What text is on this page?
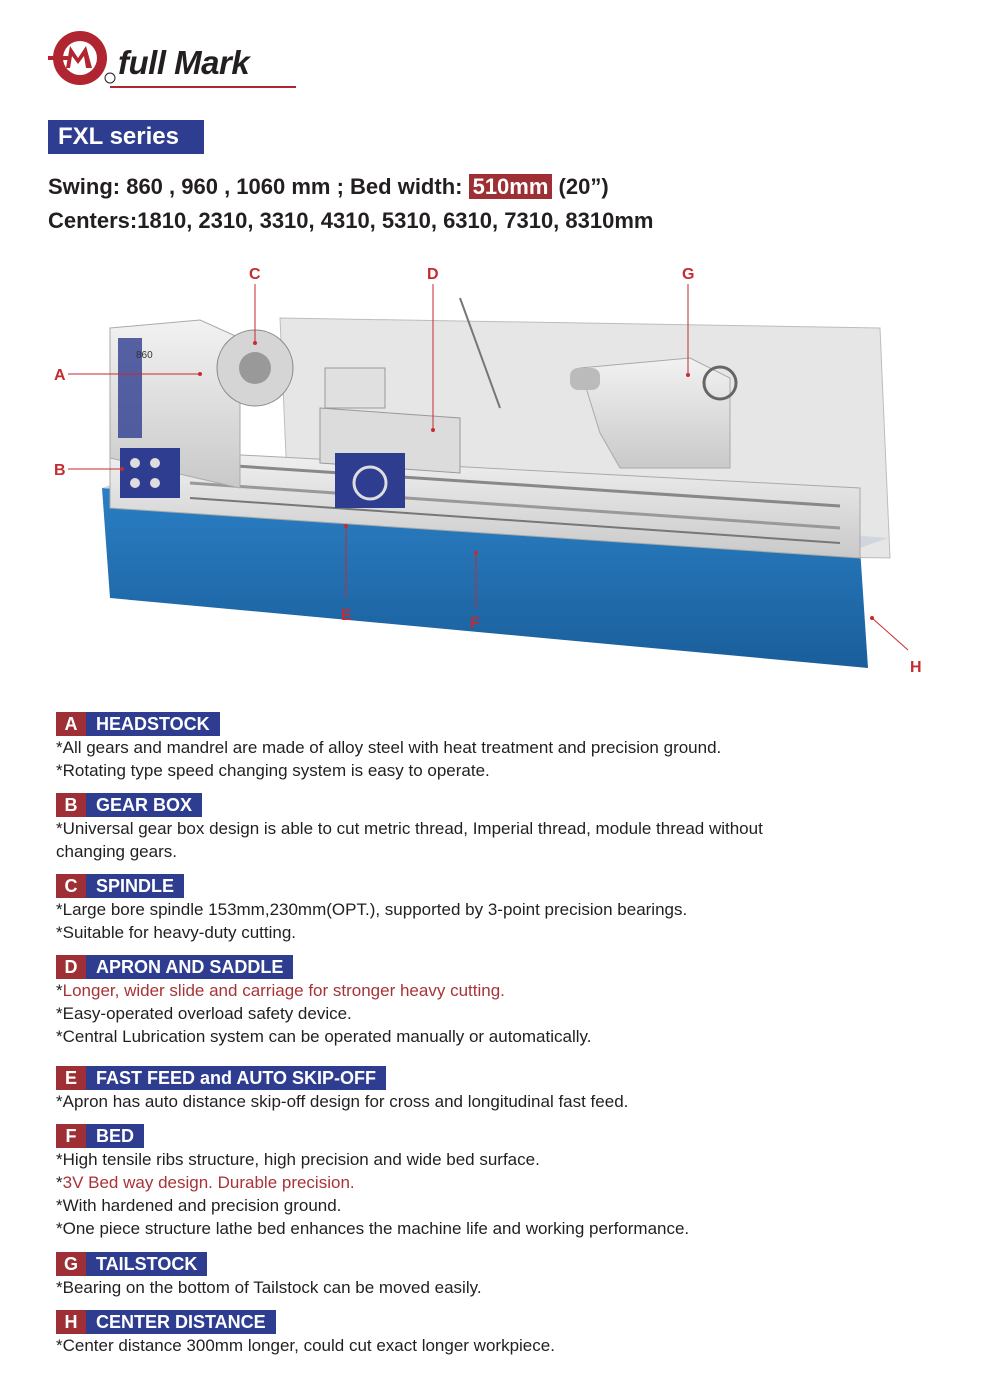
full Mark
FXL series
Swing: 860 , 960 , 1060 mm ; Bed width: 510mm (20”)
Centers:1810, 2310, 3310, 4310, 5310, 6310, 7310, 8310mm
860
A
B
C	D
E	F
G
H
A	HEADSTOCK
*All gears and mandrel are made of alloy steel with heat treatment and precision ground.
*Rotating type speed changing system is easy to operate.
B	GEAR BOX
*Universal gear box design is able to cut metric thread, Imperial thread, module thread without
changing gears.
C	SPINDLE
*Large bore spindle 153mm,230mm(OPT.), supported by 3-point precision bearings.
*Suitable for heavy-duty cutting.
D	APRON AND SADDLE
*Longer, wider slide and carriage for stronger heavy cutting.
*Easy-operated overload safety device.
*Central Lubrication system can be operated manually or automatically.
E	FAST FEED and AUTO SKIP-OFF
*Apron has auto distance skip-off design for cross and longitudinal fast feed.
F	BED
*High tensile ribs structure, high precision and wide bed surface.
*3V Bed way design. Durable precision.
*With hardened and precision ground.
*One piece structure lathe bed enhances the machine life and working performance.
G	TAILSTOCK
*Bearing on the bottom of Tailstock can be moved easily.
H	CENTER DISTANCE
*Center distance 300mm longer, could cut exact longer workpiece.
